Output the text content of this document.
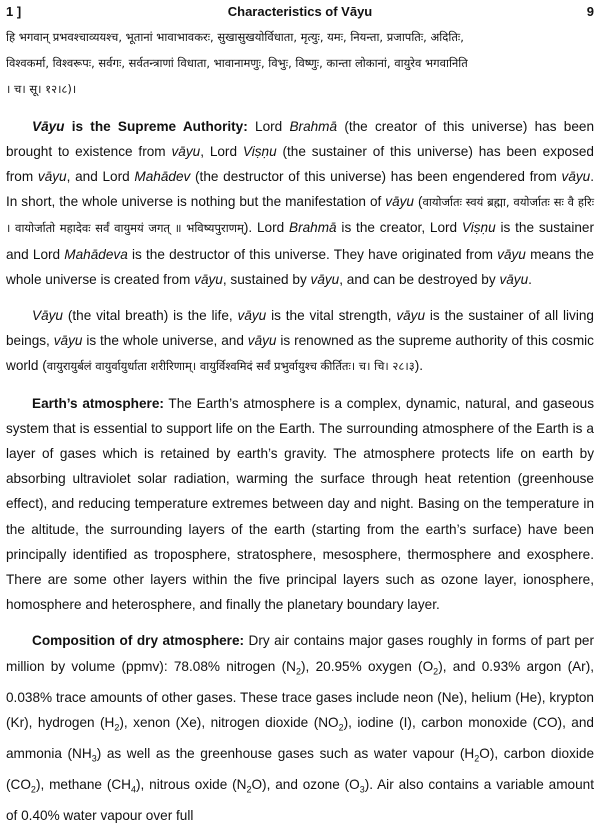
1 ]	Characteristics of Vāyu	9

हि भगवान् प्रभवश्चाव्ययश्च, भूतानां भावाभावकरः, सुखासुखयोर्विधाता, मृत्युः, यमः, नियन्ता, प्रजापतिः, अदितिः,
विश्वकर्मा, विश्वरूपः, सर्वगः, सर्वतन्त्राणां विधाता, भावानामणुः, विभुः, विष्णुः, कान्ता लोकानां, वायुरेव भगवानिति
। च। सू। १२।८)।

Vāyu is the Supreme Authority: Lord Brahmā (the creator of this universe) has been brought to existence from vāyu, Lord Viṣṇu (the sustainer of this universe) has been exposed from vāyu, and Lord Mahādev (the destructor of this universe) has been engendered from vāyu. In short, the whole universe is nothing but the manifestation of vāyu (वायोर्जातः स्वयं ब्रह्मा, वयोर्जातः सः वै हरिः । वायोर्जातो महादेवः सर्वं वायुमयं जगत् ॥ भविष्यपुराणम्). Lord Brahmā is the creator, Lord Viṣṇu is the sustainer and Lord Mahādeva is the destructor of this universe. They have originated from vāyu means the whole universe is created from vāyu, sustained by vāyu, and can be destroyed by vāyu.

Vāyu (the vital breath) is the life, vāyu is the vital strength, vāyu is the sustainer of all living beings, vāyu is the whole universe, and vāyu is renowned as the supreme authority of this cosmic world (वायुरायुर्बलं वायुर्वायुर्धाता शरीरिणाम्। वायुर्विश्वमिदं सर्वं प्रभुर्वायुश्च कीर्तितः। च। चि। २८।३).

Earth’s atmosphere: The Earth’s atmosphere is a complex, dynamic, natural, and gaseous system that is essential to support life on the Earth. The surrounding atmosphere of the Earth is a layer of gases which is retained by earth’s gravity. The atmosphere protects life on earth by absorbing ultraviolet solar radiation, warming the surface through heat retention (greenhouse effect), and reducing temperature extremes between day and night. Basing on the temperature in the altitude, the surrounding layers of the earth (starting from the earth’s surface) have been principally identified as troposphere, stratosphere, mesosphere, thermosphere and exosphere. There are some other layers within the five principal layers such as ozone layer, ionosphere, homosphere and heterosphere, and finally the planetary boundary layer.

Composition of dry atmosphere: Dry air contains major gases roughly in forms of part per million by volume (ppmv): 78.08% nitrogen $(N_2)$, 20.95% oxygen $(O_2)$, and 0.93% argon (Ar), 0.038% trace amounts of other gases. These trace gases include neon (Ne), helium (He), krypton (Kr), hydrogen $(H_2)$, xenon (Xe), nitrogen dioxide $(NO_2)$, iodine (I), carbon monoxide (CO), and ammonia $(NH_3)$ as well as the greenhouse gases such as water vapour $(H_2O)$, carbon dioxide $(CO_2)$, methane $(CH_4)$, nitrous oxide $(N_2O)$, and ozone $(O_3)$. Air also contains a variable amount of 0.40% water vapour over full
